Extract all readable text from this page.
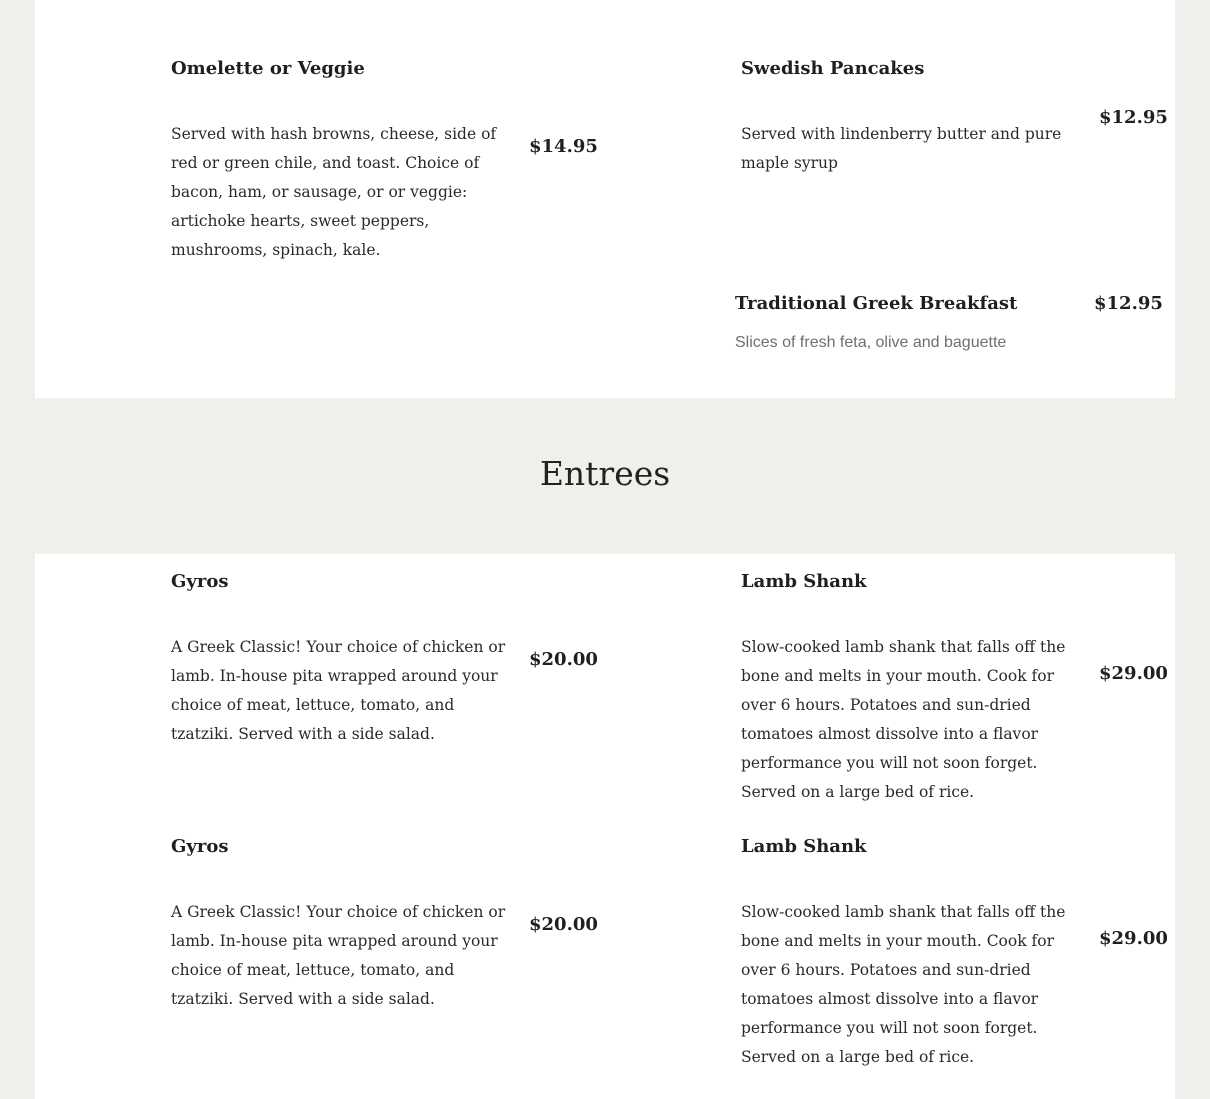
Omelette or Veggie
Served with hash browns, cheese, side of red or green chile, and toast. Choice of bacon, ham, or sausage, or or veggie: artichoke hearts, sweet peppers, mushrooms, spinach, kale.
$14.95
Swedish Pancakes
Served with lindenberry butter and pure maple syrup
$12.95
Traditional Greek Breakfast
Slices of fresh feta, olive and baguette
$12.95
Entrees
Gyros
A Greek Classic! Your choice of chicken or lamb. In-house pita wrapped around your choice of meat, lettuce, tomato, and tzatziki. Served with a side salad.
$20.00
Lamb Shank
Slow-cooked lamb shank that falls off the bone and melts in your mouth. Cook for over 6 hours. Potatoes and sun-dried tomatoes almost dissolve into a flavor performance you will not soon forget. Served on a large bed of rice.
$29.00
Gyros
A Greek Classic! Your choice of chicken or lamb. In-house pita wrapped around your choice of meat, lettuce, tomato, and tzatziki. Served with a side salad.
$20.00
Lamb Shank
Slow-cooked lamb shank that falls off the bone and melts in your mouth. Cook for over 6 hours. Potatoes and sun-dried tomatoes almost dissolve into a flavor performance you will not soon forget. Served on a large bed of rice.
$29.00
